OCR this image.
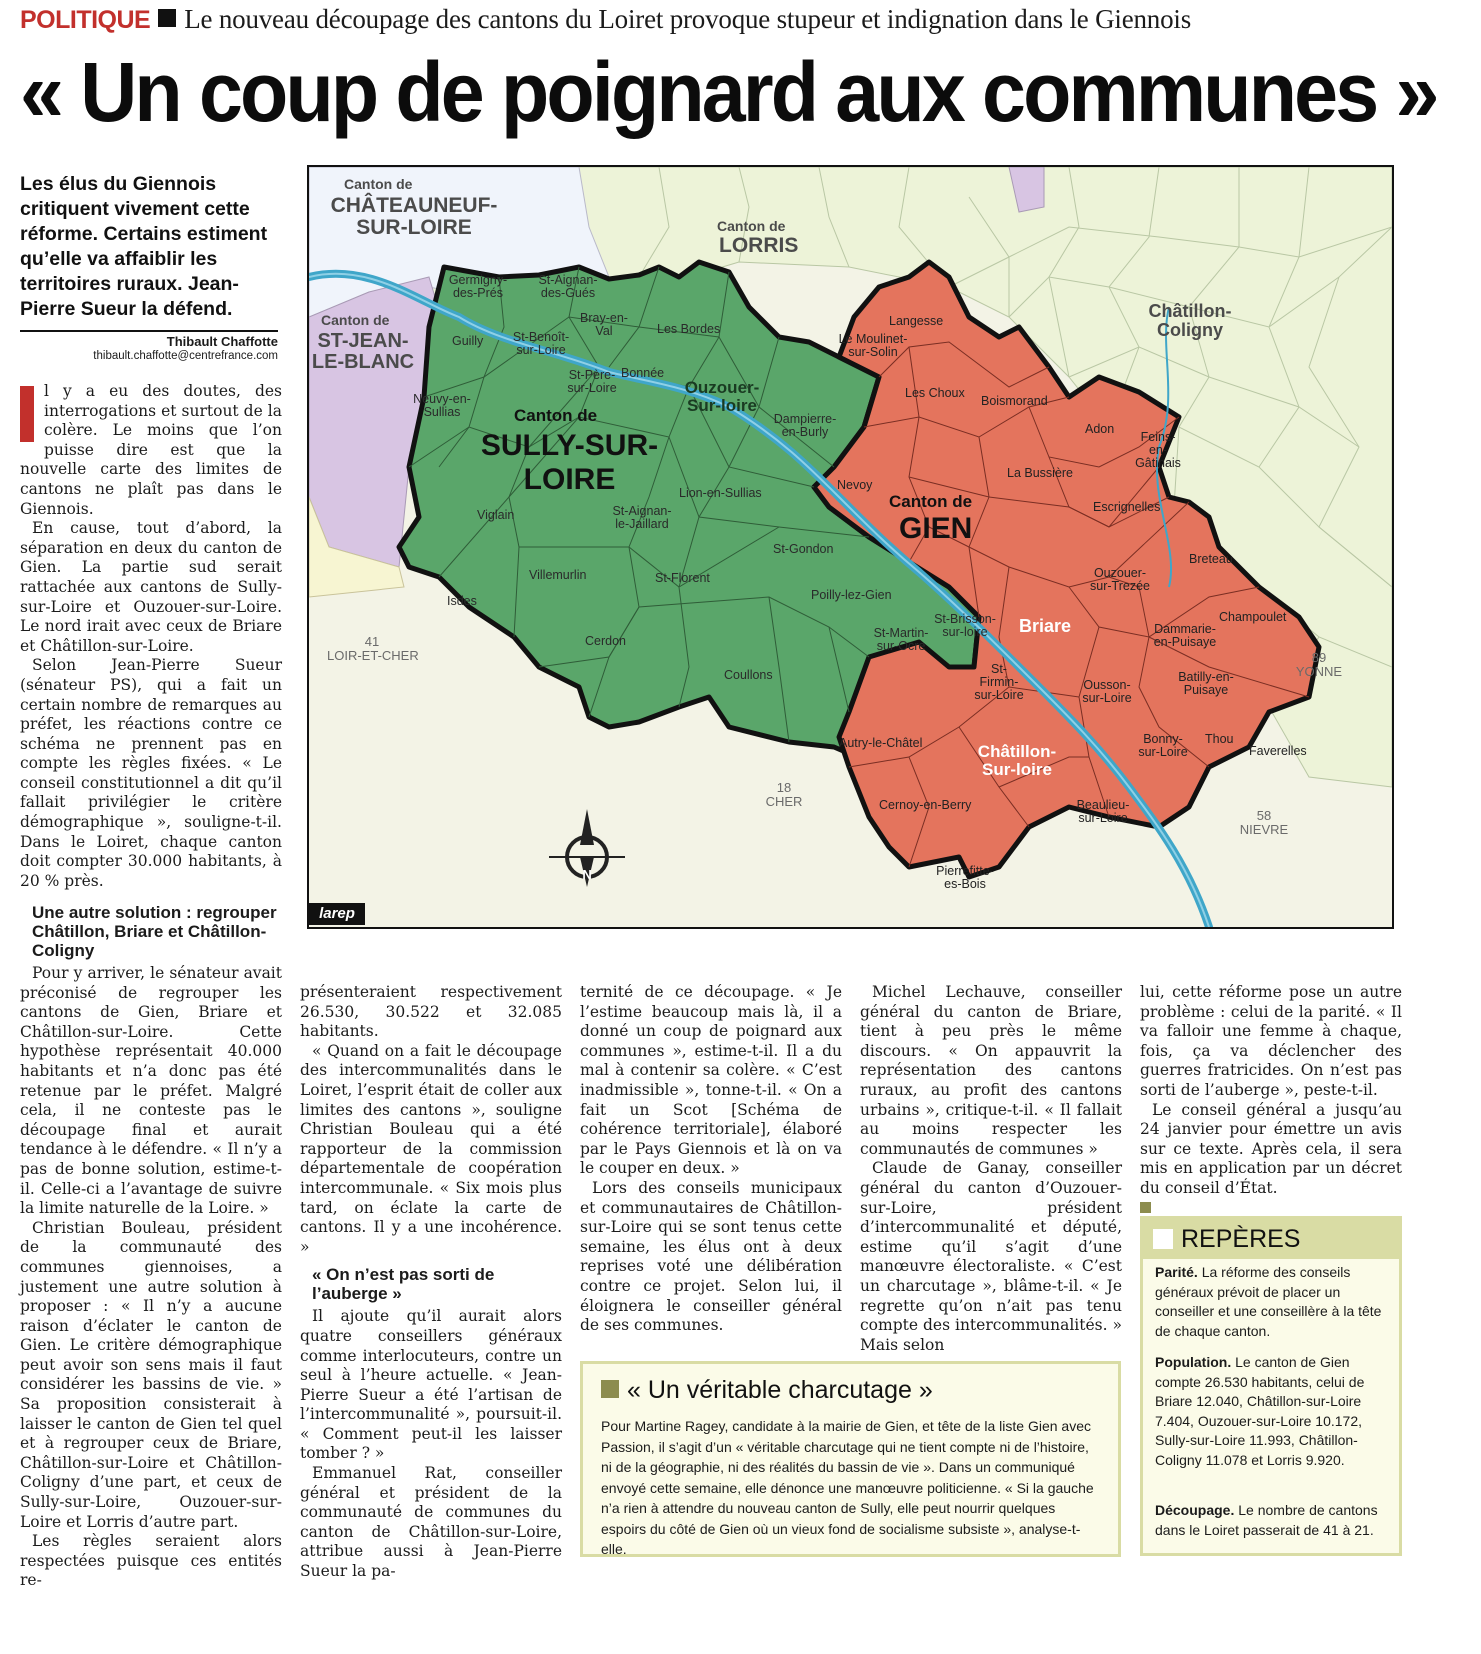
POLITIQUE Le nouveau découpage des cantons du Loiret provoque stupeur et indignation dans le Giennois
« Un coup de poignard aux communes »
Les élus du Giennois critiquent vivement cette réforme. Certains estiment qu’elle va affaiblir les territoires ruraux. Jean-Pierre Sueur la défend.
Thibault Chaffotte
thibault.chaffotte@centrefrance.com

l y a eu des doutes, des interrogations et surtout de la colère. Le moins que l’on puisse dire est que la nouvelle carte des limites de cantons ne plaît pas dans le Giennois.

En cause, tout d’abord, la séparation en deux du canton de Gien. La partie sud serait rattachée aux cantons de Sully-sur-Loire et Ouzouer-sur-Loire. Le nord irait avec ceux de Briare et Châtillon-sur-Loire.

Selon Jean-Pierre Sueur (sénateur PS), qui a fait un certain nombre de remarques au préfet, les réactions contre ce schéma ne prennent pas en compte les règles fixées. « Le conseil constitutionnel a dit qu’il fallait privilégier le critère démographique », souligne-t-il. Dans le Loiret, chaque canton doit compter 30.000 habitants, à 20 % près.

Une autre solution : regrouper Châtillon, Briare et Châtillon-Coligny

Pour y arriver, le sénateur avait préconisé de regrouper les cantons de Gien, Briare et Châtillon-sur-Loire. Cette hypothèse représentait 40.000 habitants et n’a donc pas été retenue par le préfet. Malgré cela, il ne conteste pas le découpage final et aurait tendance à le défendre. « Il n’y a pas de bonne solution, estime-t-il. Celle-ci a l’avantage de suivre la limite naturelle de la Loire. »

Christian Bouleau, président de la communauté des communes giennoises, a justement une autre solution à proposer : « Il n’y a aucune raison d’éclater le canton de Gien. Le critère démographique peut avoir son sens mais il faut considérer les bassins de vie. » Sa proposition consisterait à laisser le canton de Gien tel quel et à regrouper ceux de Briare, Châtillon-sur-Loire et Châtillon-Coligny d’une part, et ceux de Sully-sur-Loire, Ouzouer-sur-Loire et Lorris d’autre part.

Les règles seraient alors respectées puisque ces entités re-

présenteraient respectivement 26.530, 30.522 et 32.085 habitants.

« Quand on a fait le découpage des intercommunalités dans le Loiret, l’esprit était de coller aux limites des cantons », souligne Christian Bouleau qui a été rapporteur de la commission départementale de coopération intercommunale. « Six mois plus tard, on éclate la carte de cantons. Il y a une incohérence. »

« On n’est pas sorti de l’auberge »

Il ajoute qu’il aurait alors quatre conseillers généraux comme interlocuteurs, contre un seul à l’heure actuelle. « Jean-Pierre Sueur a été l’artisan de l’intercommunalité », poursuit-il. « Comment peut-il les laisser tomber ? »

Emmanuel Rat, conseiller général et président de la communauté de communes du canton de Châtillon-sur-Loire, attribue aussi à Jean-Pierre Sueur la pa-

ternité de ce découpage. « Je l’estime beaucoup mais là, il a donné un coup de poignard aux communes », estime-t-il. Il a du mal à contenir sa colère. « C’est inadmissible », tonne-t-il. « On a fait un Scot [Schéma de cohérence territoriale], élaboré par le Pays Giennois et là on va le couper en deux. »

Lors des conseils municipaux et communautaires de Châtillon-sur-Loire qui se sont tenus cette semaine, les élus ont à deux reprises voté une délibération contre ce projet. Selon lui, il éloignera le conseiller général de ses communes.

Michel Lechauve, conseiller général du canton de Briare, tient à peu près le même discours. « On appauvrit la représentation des cantons ruraux, au profit des cantons urbains », critique-t-il. « Il fallait au moins respecter les communautés de communes »

Claude de Ganay, conseiller général du canton d’Ouzouer-sur-Loire, président d’intercommunalité et député, estime qu’il s’agit d’une manœuvre électoraliste. « C’est un charcutage », blâme-t-il. « Je regrette qu’on n’ait pas tenu compte des intercommunalités. » Mais selon

lui, cette réforme pose un autre problème : celui de la parité. « Il va falloir une femme à chaque, fois, ça va déclencher des guerres fratricides. On n’est pas sorti de l’auberge », peste-t-il.

Le conseil général a jusqu’au 24 janvier pour émettre un avis sur ce texte. Après cela, il sera mis en application par un décret du conseil d’État.

N
Canton de
CHÂTEAUNEUF-SUR-LOIRE	Canton de
LORRIS
Canton de
ST-JEAN-LE-BLANC
Châtillon-Coligny
41
LOIR-ET-CHER
18
CHER
58
NIEVRE
89
YONNE
Canton de
SULLY-SUR-LOIRE
Canton de
GIEN
Germigny-des-Prés
St-Aignan-des-Gués
Guilly	St-Benoît-sur-Loire
Bray-en-Val	Les Bordes
St-Père-sur-Loire
Bonnée
Ouzouer-Sur-loire
Dampierre-en-Burly
Neuvy-en-Sullias
Lion-en-Sullias
Viglain	St-Aignan-le-Jaillard
St-Gondon
Villemurlin	St-Florent
Isdes	Poilly-lez-Gien
Cerdon
St-Martin-sur-Ocre
St-Brisson-sur-loire
Coullons
Langesse
Le Moulinet-sur-Solin
Les Choux
Boismorand
Adon
Feins-en-Gâtinais
Nevoy
La Bussière
Escrignelles
Breteau
Ouzouer-sur-Trezée
Champoulet
Briare	Dammarie-en-Puisaye
St-Firmin-sur-Loire
Ousson-sur-Loire
Batilly-en-Puisaye
Autry-le-Châtel	Bonny-sur-Loire
Thou
Faverelles
Châtillon-Sur-loire
Cernoy-en-Berry	Beaulieu-sur-Loire
Pierrefitte-es-Bois
larep
« Un véritable charcutage »
Pour Martine Ragey, candidate à la mairie de Gien, et tête de la liste Gien avec Passion, il s’agit d’un « véritable charcutage qui ne tient compte ni de l’histoire, ni de la géographie, ni des réalités du bassin de vie ». Dans un communiqué envoyé cette semaine, elle dénonce une manœuvre politicienne. « Si la gauche n’a rien à attendre du nouveau canton de Sully, elle peut nourrir quelques espoirs du côté de Gien où un vieux fond de socialisme subsiste », analyse-t-elle.
REPÈRES
Parité. La réforme des conseils généraux prévoit de placer un conseiller et une conseillère à la tête de chaque canton.
Population. Le canton de Gien compte 26.530 habitants, celui de Briare 12.040, Châtillon-sur-Loire 7.404, Ouzouer-sur-Loire 10.172, Sully-sur-Loire 11.993, Châtillon-Coligny 11.078 et Lorris 9.920.
Découpage. Le nombre de cantons dans le Loiret passerait de 41 à 21.
